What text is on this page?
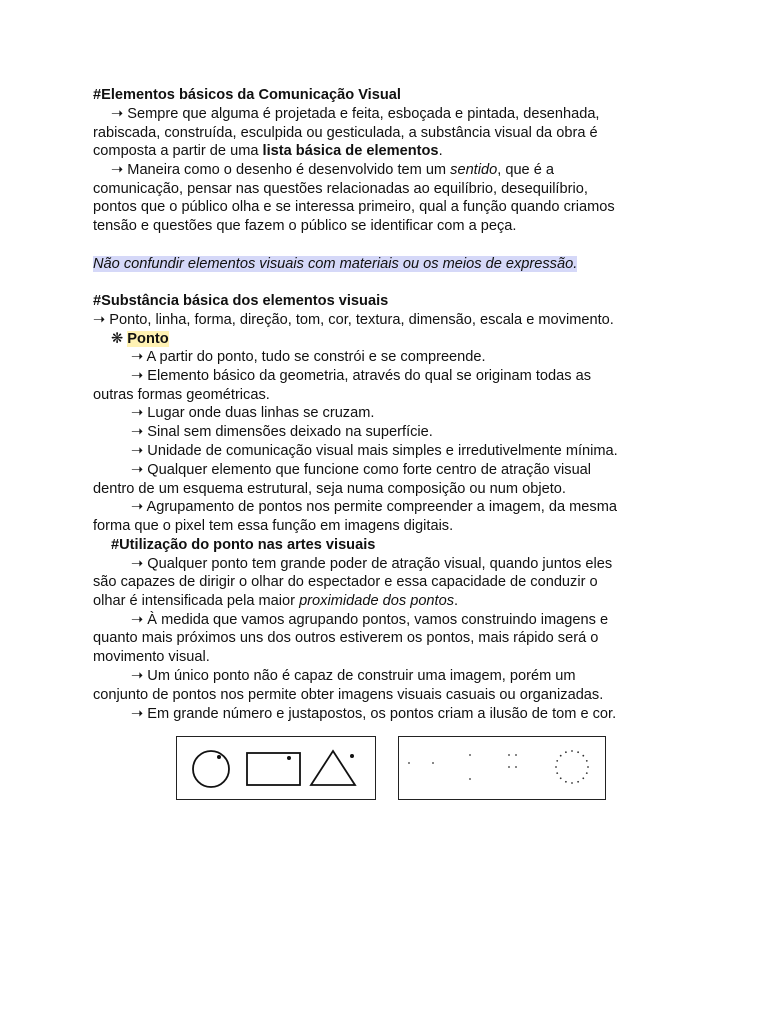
#Elementos básicos da Comunicação Visual
➝ Sempre que alguma é projetada e feita, esboçada e pintada, desenhada,
rabiscada, construída, esculpida ou gesticulada, a substância visual da obra é
composta a partir de uma lista básica de elementos.
➝ Maneira como o desenho é desenvolvido tem um sentido, que é a
comunicação, pensar nas questões relacionadas ao equilíbrio, desequilíbrio,
pontos que o público olha e se interessa primeiro, qual a função quando criamos
tensão e questões que fazem o público se identificar com a peça.
Não confundir elementos visuais com materiais ou os meios de expressão.
#Substância básica dos elementos visuais
➝ Ponto, linha, forma, direção, tom, cor, textura, dimensão, escala e movimento.
❋ Ponto
➝ A partir do ponto, tudo se constrói e se compreende.
➝ Elemento básico da geometria, através do qual se originam todas as
outras formas geométricas.
➝ Lugar onde duas linhas se cruzam.
➝ Sinal sem dimensões deixado na superfície.
➝ Unidade de comunicação visual mais simples e irredutivelmente mínima.
➝ Qualquer elemento que funcione como forte centro de atração visual
dentro de um esquema estrutural, seja numa composição ou num objeto.
➝ Agrupamento de pontos nos permite compreender a imagem, da mesma
forma que o pixel tem essa função em imagens digitais.
#Utilização do ponto nas artes visuais
➝ Qualquer ponto tem grande poder de atração visual, quando juntos eles
são capazes de dirigir o olhar do espectador e essa capacidade de conduzir o
olhar é intensificada pela maior proximidade dos pontos.
➝ À medida que vamos agrupando pontos, vamos construindo imagens e
quanto mais próximos uns dos outros estiverem os pontos, mais rápido será o
movimento visual.
➝ Um único ponto não é capaz de construir uma imagem, porém um
conjunto de pontos nos permite obter imagens visuais casuais ou organizadas.
➝ Em grande número e justapostos, os pontos criam a ilusão de tom e cor.
